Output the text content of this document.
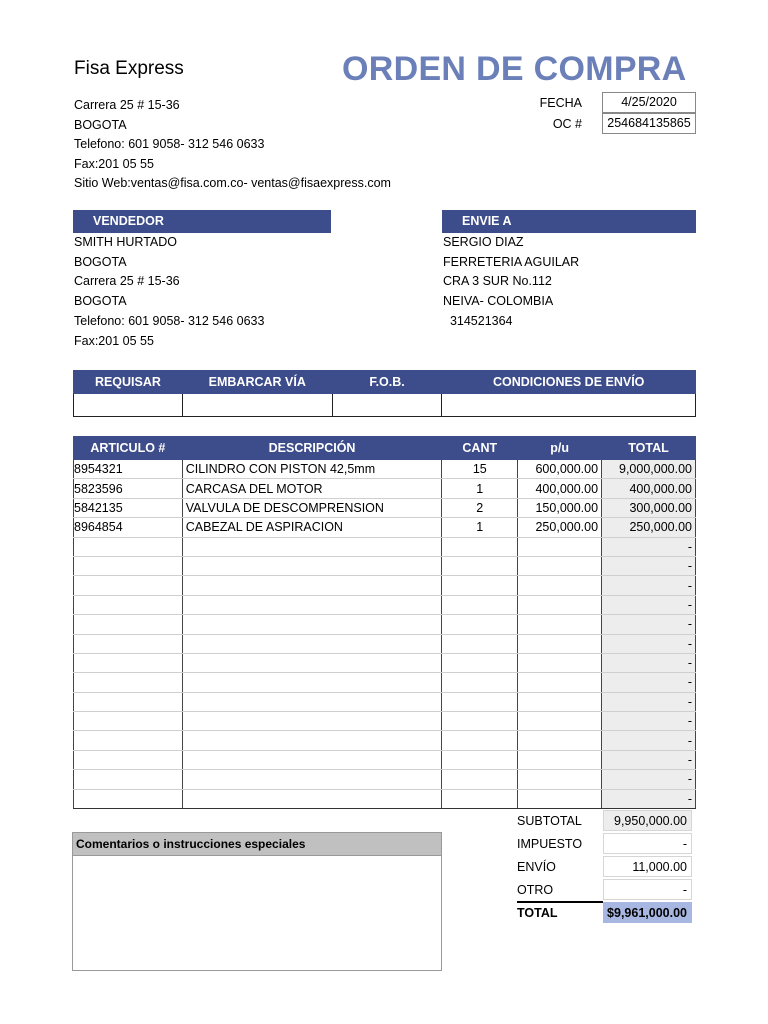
Fisa Express	ORDEN DE COMPRA
Carrera 25 # 15-36
BOGOTA
Telefono: 601 9058- 312 546 0633
Fax:201 05 55
Sitio Web:ventas@fisa.com.co- ventas@fisaexpress.com
FECHA	4/25/2020
OC #	254684135865
VENDEDOR	ENVIE A
SMITH HURTADO
BOGOTA
Carrera 25 # 15-36
BOGOTA
Telefono: 601 9058- 312 546 0633
Fax:201 05 55
SERGIO DIAZ
FERRETERIA AGUILAR
CRA 3 SUR No.112
NEIVA- COLOMBIA
314521364
REQUISAR	EMBARCAR VÍA	F.O.B.	CONDICIONES DE ENVÍO

ARTICULO #	DESCRIPCIÓN	CANT	p/u	TOTAL
8954321	CILINDRO CON PISTON 42,5mm	15	600,000.00	9,000,000.00
5823596	CARCASA DEL MOTOR	1	400,000.00	400,000.00
5842135	VALVULA DE DESCOMPRENSION	2	150,000.00	300,000.00
8964854	CABEZAL DE ASPIRACION	1	250,000.00	250,000.00
				-
				-
				-
				-
				-
				-
				-
				-
				-
				-
				-
				-
				-
				-
SUBTOTAL	9,950,000.00
IMPUESTO	-
ENVÍO	11,000.00
OTRO	-
TOTAL	$9,961,000.00
Comentarios o instrucciones especiales
